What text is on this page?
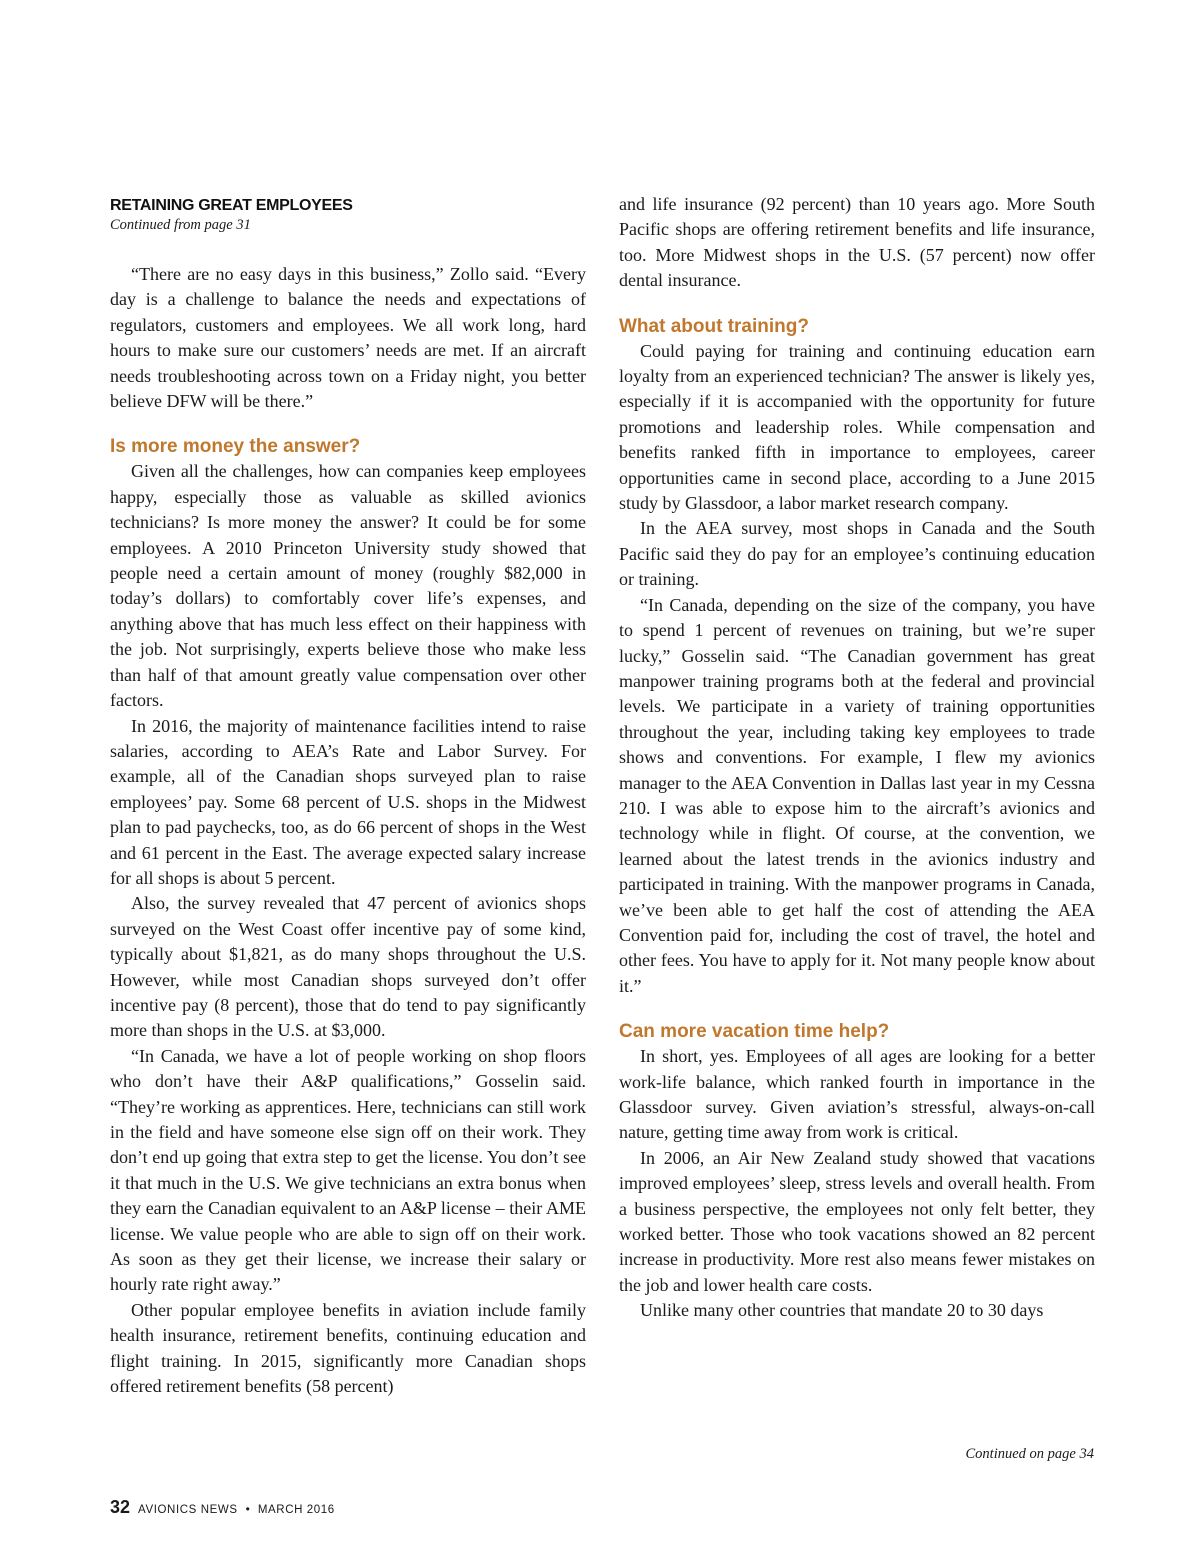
RETAINING GREAT EMPLOYEES
Continued from page 31

“There are no easy days in this business,” Zollo said. “Every day is a challenge to balance the needs and expectations of regulators, customers and employees. We all work long, hard hours to make sure our customers’ needs are met. If an aircraft needs troubleshooting across town on a Friday night, you better believe DFW will be there.”

Is more money the answer?

Given all the challenges, how can companies keep employees happy, especially those as valuable as skilled avionics technicians? Is more money the answer? It could be for some employees. A 2010 Princeton University study showed that people need a certain amount of money (roughly $82,000 in today’s dollars) to comfortably cover life’s expenses, and anything above that has much less effect on their happiness with the job. Not surprisingly, experts believe those who make less than half of that amount greatly value compensation over other factors.

In 2016, the majority of maintenance facilities intend to raise salaries, according to AEA’s Rate and Labor Survey. For example, all of the Canadian shops surveyed plan to raise employees’ pay. Some 68 percent of U.S. shops in the Midwest plan to pad paychecks, too, as do 66 percent of shops in the West and 61 percent in the East. The average expected salary increase for all shops is about 5 percent.

Also, the survey revealed that 47 percent of avionics shops surveyed on the West Coast offer incentive pay of some kind, typically about $1,821, as do many shops throughout the U.S. However, while most Canadian shops surveyed don’t offer incentive pay (8 percent), those that do tend to pay significantly more than shops in the U.S. at $3,000.

“In Canada, we have a lot of people working on shop floors who don’t have their A&P qualifications,” Gosselin said. “They’re working as apprentices. Here, technicians can still work in the field and have someone else sign off on their work. They don’t end up going that extra step to get the license. You don’t see it that much in the U.S. We give technicians an extra bonus when they earn the Canadian equivalent to an A&P license – their AME license. We value people who are able to sign off on their work. As soon as they get their license, we increase their salary or hourly rate right away.”

Other popular employee benefits in aviation include family health insurance, retirement benefits, continuing education and flight training. In 2015, significantly more Canadian shops offered retirement benefits (58 percent)

and life insurance (92 percent) than 10 years ago. More South Pacific shops are offering retirement benefits and life insurance, too. More Midwest shops in the U.S. (57 percent) now offer dental insurance.

What about training?

Could paying for training and continuing education earn loyalty from an experienced technician? The answer is likely yes, especially if it is accompanied with the opportunity for future promotions and leadership roles. While compensation and benefits ranked fifth in importance to employees, career opportunities came in second place, according to a June 2015 study by Glassdoor, a labor market research company.

In the AEA survey, most shops in Canada and the South Pacific said they do pay for an employee’s continuing education or training.

“In Canada, depending on the size of the company, you have to spend 1 percent of revenues on training, but we’re super lucky,” Gosselin said. “The Canadian government has great manpower training programs both at the federal and provincial levels. We participate in a variety of training opportunities throughout the year, including taking key employees to trade shows and conventions. For example, I flew my avionics manager to the AEA Convention in Dallas last year in my Cessna 210. I was able to expose him to the aircraft’s avionics and technology while in flight. Of course, at the convention, we learned about the latest trends in the avionics industry and participated in training. With the manpower programs in Canada, we’ve been able to get half the cost of attending the AEA Convention paid for, including the cost of travel, the hotel and other fees. You have to apply for it. Not many people know about it.”

Can more vacation time help?

In short, yes. Employees of all ages are looking for a better work-life balance, which ranked fourth in importance in the Glassdoor survey. Given aviation’s stressful, always-on-call nature, getting time away from work is critical.

In 2006, an Air New Zealand study showed that vacations improved employees’ sleep, stress levels and overall health. From a business perspective, the employees not only felt better, they worked better. Those who took vacations showed an 82 percent increase in productivity. More rest also means fewer mistakes on the job and lower health care costs.

Unlike many other countries that mandate 20 to 30 days

Continued on page 34
32 AVIONICS NEWS • MARCH 2016
